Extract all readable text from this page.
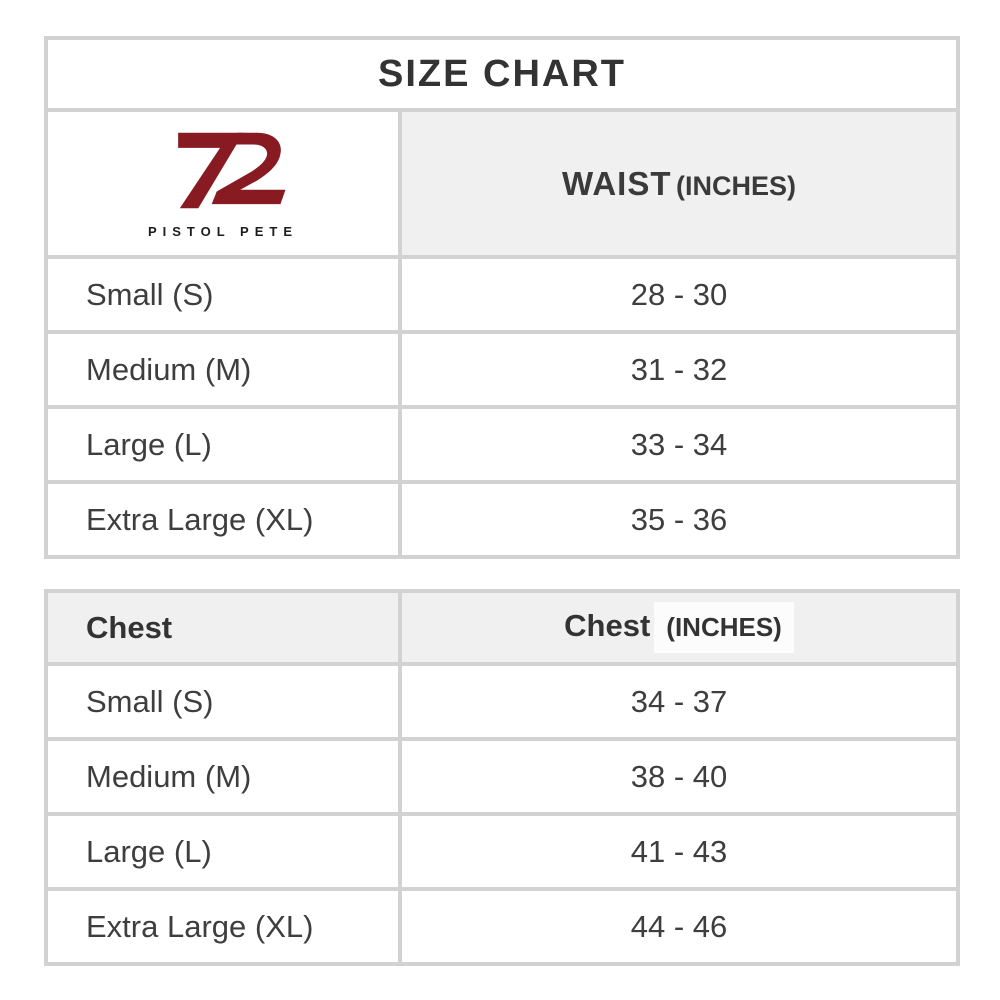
SIZE CHART	

PISTOL PETE	WAIST (INCHES)
Small (S)	28 - 30
Medium (M)	31 - 32
Large (L)	33 - 34
Extra Large (XL)	35 - 36
Chest	Chest (INCHES)
Small (S)	34 - 37
Medium (M)	38 - 40
Large (L)	41 - 43
Extra Large (XL)	44 - 46
